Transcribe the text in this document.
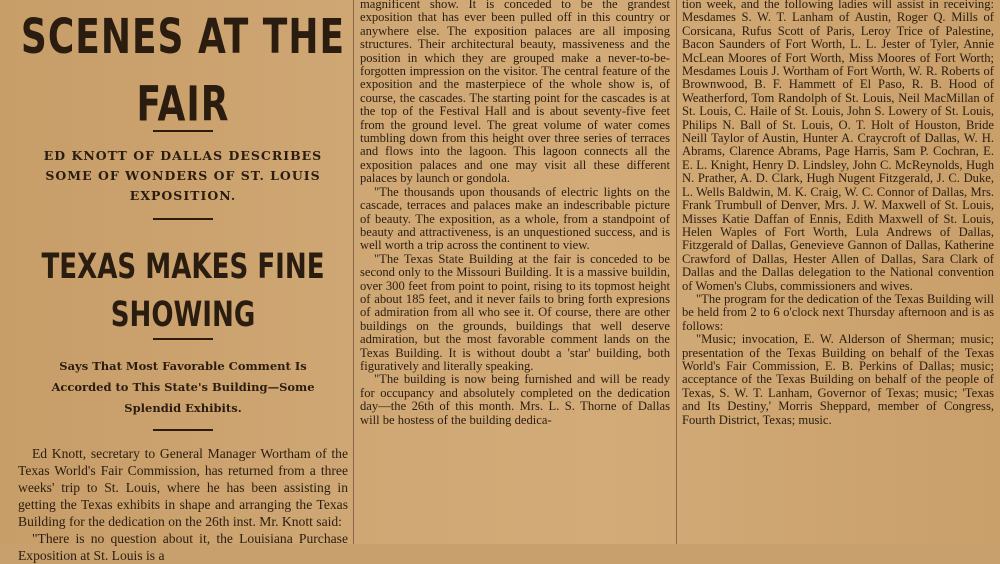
SCENES AT THE FAIR

ED KNOTT OF DALLAS DESCRIBES SOME OF WONDERS OF ST. LOUIS EXPOSITION.

TEXAS MAKES FINE SHOWING

Says That Most Favorable Comment Is Accorded to This State's Building—Some Splendid Exhibits.

Ed Knott, secretary to General Manager Wortham of the Texas World's Fair Commission, has returned from a three weeks' trip to St. Louis, where he has been assisting in getting the Texas exhibits in shape and arranging the Texas Building for the dedication on the 26th inst. Mr. Knott said:

"There is no question about it, the Louisiana Purchase Exposition at St. Louis is a

magnificent show. It is conceded to be the grandest exposition that has ever been pulled off in this country or anywhere else. The exposition palaces are all imposing structures. Their architectural beauty, massiveness and the position in which they are grouped make a never-to-be-forgotten impression on the visitor. The central feature of the exposition and the masterpiece of the whole show is, of course, the cascades. The starting point for the cascades is at the top of the Festival Hall and is about seventy-five feet from the ground level. The great volume of water comes tumbling down from this height over three series of terraces and flows into the lagoon. This lagoon connects all the exposition palaces and one may visit all these different palaces by launch or gondola.

"The thousands upon thousands of electric lights on the cascade, terraces and palaces make an indescribable picture of beauty. The exposition, as a whole, from a standpoint of beauty and attractiveness, is an unquestioned success, and is well worth a trip across the continent to view.

"The Texas State Building at the fair is conceded to be second only to the Missouri Building. It is a massive buildin, over 300 feet from point to point, rising to its topmost height of about 185 feet, and it never fails to bring forth expresions of admiration from all who see it. Of course, there are other buildings on the grounds, buildings that well deserve admiration, but the most favorable comment lands on the Texas Building. It is without doubt a 'star' building, both figuratively and literally speaking.

"The building is now being furnished and will be ready for occupancy and absolutely completed on the dedication day—the 26th of this month. Mrs. L. S. Thorne of Dallas will be hostess of the building dedica-

tion week, and the following ladies will assist in receiving: Mesdames S. W. T. Lanham of Austin, Roger Q. Mills of Corsicana, Rufus Scott of Paris, Leroy Trice of Palestine, Bacon Saunders of Fort Worth, L. L. Jester of Tyler, Annie McLean Moores of Fort Worth, Miss Moores of Fort Worth; Mesdames Louis J. Wortham of Fort Worth, W. R. Roberts of Brownwood, B. F. Hammett of El Paso, R. B. Hood of Weatherford, Tom Randolph of St. Louis, Neil MacMillan of St. Louis, C. Haile of St. Louis, John S. Lowery of St. Louis, Philips N. Ball of St. Louis, O. T. Holt of Houston, Bride Neill Taylor of Austin, Hunter A. Craycroft of Dallas, W. H. Abrams, Clarence Abrams, Page Harris, Sam P. Cochran, E. E. L. Knight, Henry D. Lindsley, John C. McReynolds, Hugh N. Prather, A. D. Clark, Hugh Nugent Fitzgerald, J. C. Duke, L. Wells Baldwin, M. K. Craig, W. C. Connor of Dallas, Mrs. Frank Trumbull of Denver, Mrs. J. W. Maxwell of St. Louis, Misses Katie Daffan of Ennis, Edith Maxwell of St. Louis, Helen Waples of Fort Worth, Lula Andrews of Dallas, Fitzgerald of Dallas, Genevieve Gannon of Dallas, Katherine Crawford of Dallas, Hester Allen of Dallas, Sara Clark of Dallas and the Dallas delegation to the National convention of Women's Clubs, commissioners and wives.

"The program for the dedication of the Texas Building will be held from 2 to 6 o'clock next Thursday afternoon and is as follows:

"Music; invocation, E. W. Alderson of Sherman; music; presentation of the Texas Building on behalf of the Texas World's Fair Commission, E. B. Perkins of Dallas; music; acceptance of the Texas Building on behalf of the people of Texas, S. W. T. Lanham, Governor of Texas; music; 'Texas and Its Destiny,' Morris Sheppard, member of Congress, Fourth District, Texas; music.
